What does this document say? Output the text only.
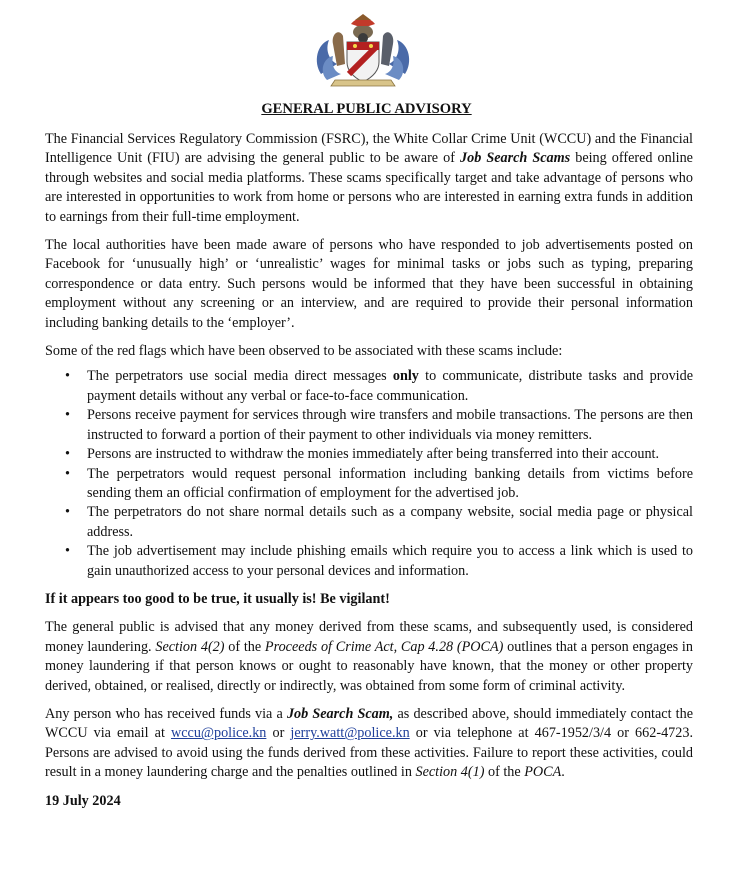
GENERAL PUBLIC ADVISORY

The Financial Services Regulatory Commission (FSRC), the White Collar Crime Unit (WCCU) and the Financial Intelligence Unit (FIU) are advising the general public to be aware of Job Search Scams being offered online through websites and social media platforms. These scams specifically target and take advantage of persons who are interested in opportunities to work from home or persons who are interested in earning extra funds in addition to earnings from their full-time employment.

The local authorities have been made aware of persons who have responded to job advertisements posted on Facebook for ‘unusually high’ or ‘unrealistic’ wages for minimal tasks or jobs such as typing, preparing correspondence or data entry. Such persons would be informed that they have been successful in obtaining employment without any screening or an interview, and are required to provide their personal information including banking details to the ‘employer’.

Some of the red flags which have been observed to be associated with these scams include:

• The perpetrators use social media direct messages only to communicate, distribute tasks and provide payment details without any verbal or face-to-face communication.
• Persons receive payment for services through wire transfers and mobile transactions. The persons are then instructed to forward a portion of their payment to other individuals via money remitters.
• Persons are instructed to withdraw the monies immediately after being transferred into their account.
• The perpetrators would request personal information including banking details from victims before sending them an official confirmation of employment for the advertised job.
• The perpetrators do not share normal details such as a company website, social media page or physical address.
• The job advertisement may include phishing emails which require you to access a link which is used to gain unauthorized access to your personal devices and information.

If it appears too good to be true, it usually is! Be vigilant!

The general public is advised that any money derived from these scams, and subsequently used, is considered money laundering. Section 4(2) of the Proceeds of Crime Act, Cap 4.28 (POCA) outlines that a person engages in money laundering if that person knows or ought to reasonably have known, that the money or other property derived, obtained, or realised, directly or indirectly, was obtained from some form of criminal activity.

Any person who has received funds via a Job Search Scam, as described above, should immediately contact the WCCU via email at wccu@police.kn or jerry.watt@police.kn or via telephone at 467-1952/3/4 or 662-4723. Persons are advised to avoid using the funds derived from these activities. Failure to report these activities, could result in a money laundering charge and the penalties outlined in Section 4(1) of the POCA.

19 July 2024
